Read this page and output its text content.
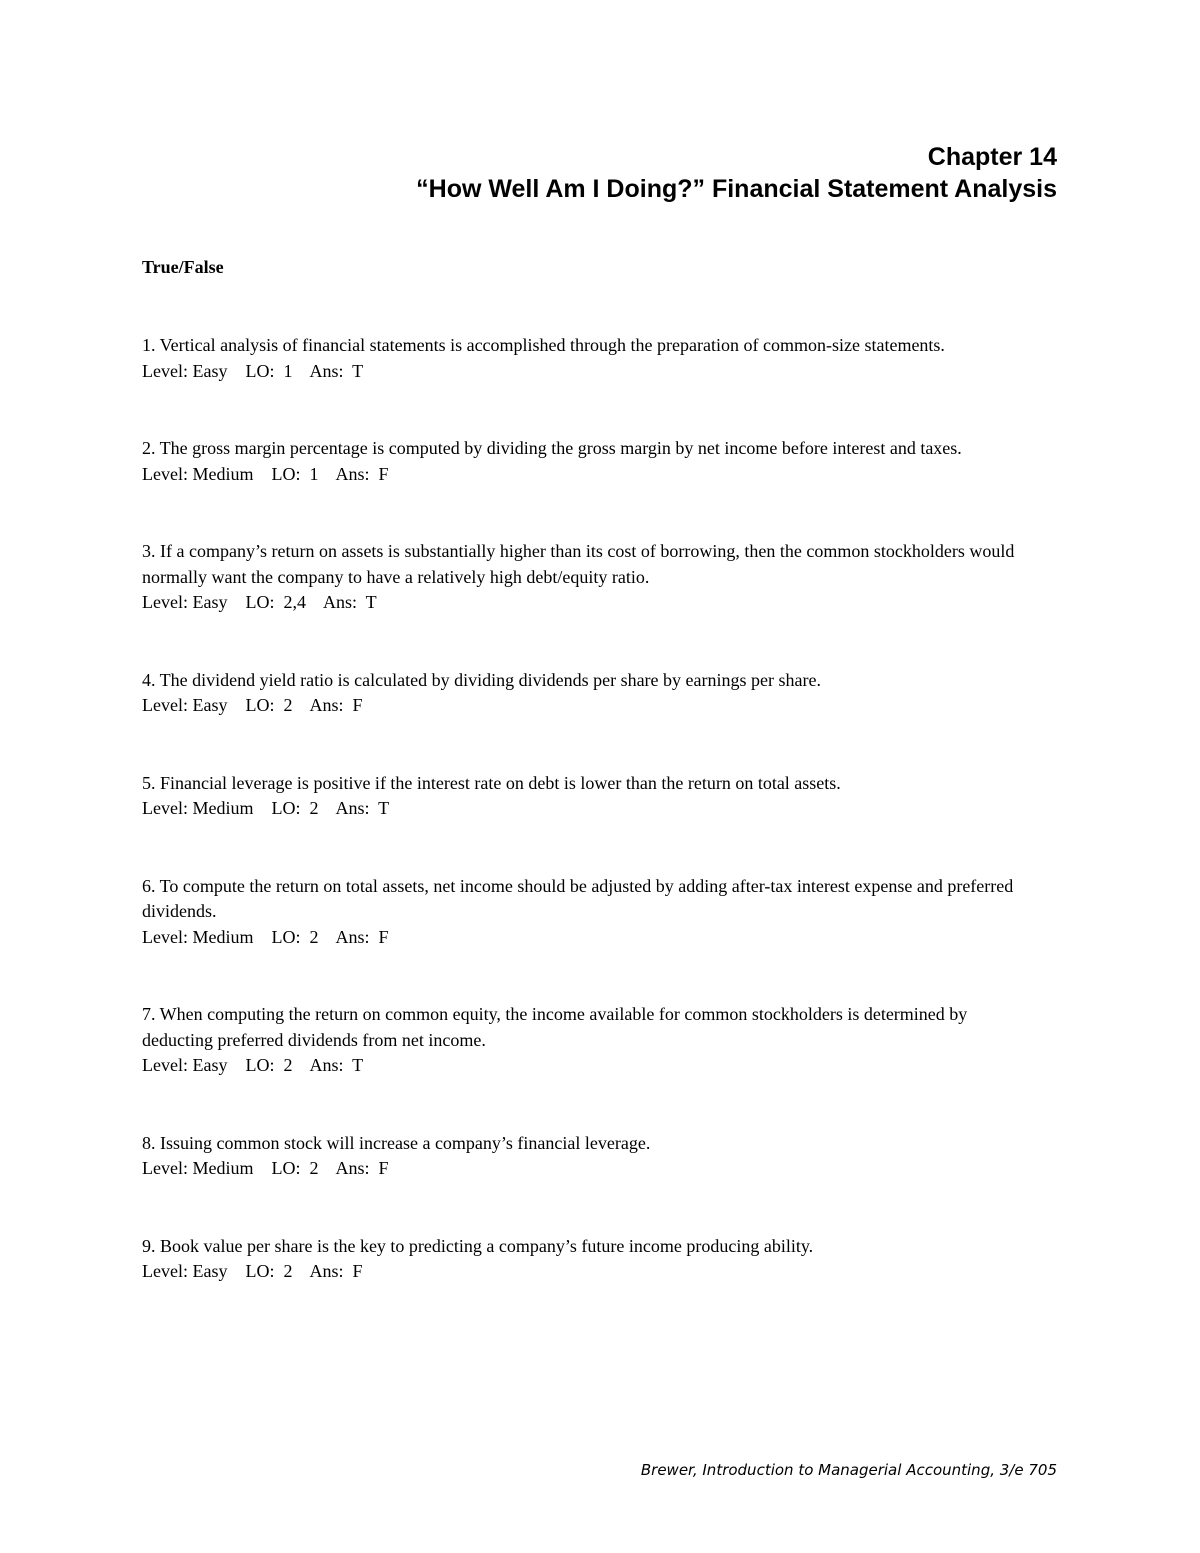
Chapter 14
“How Well Am I Doing?” Financial Statement Analysis
True/False
1. Vertical analysis of financial statements is accomplished through the preparation of common-size statements.
Level: Easy LO:  1 Ans:  T
2. The gross margin percentage is computed by dividing the gross margin by net income before interest and taxes.
Level: Medium LO:  1 Ans:  F
3. If a company’s return on assets is substantially higher than its cost of borrowing, then the common stockholders would normally want the company to have a relatively high debt/equity ratio.
Level: Easy LO:  2,4 Ans:  T
4. The dividend yield ratio is calculated by dividing dividends per share by earnings per share.
Level: Easy LO:  2 Ans:  F
5. Financial leverage is positive if the interest rate on debt is lower than the return on total assets.
Level: Medium LO:  2 Ans:  T
6. To compute the return on total assets, net income should be adjusted by adding after-tax interest expense and preferred dividends.
Level: Medium LO:  2 Ans:  F
7. When computing the return on common equity, the income available for common stockholders is determined by deducting preferred dividends from net income.
Level: Easy LO:  2 Ans:  T
8. Issuing common stock will increase a company’s financial leverage.
Level: Medium LO:  2 Ans:  F
9. Book value per share is the key to predicting a company’s future income producing ability.
Level: Easy LO:  2 Ans:  F
Brewer, Introduction to Managerial Accounting, 3/e 705
